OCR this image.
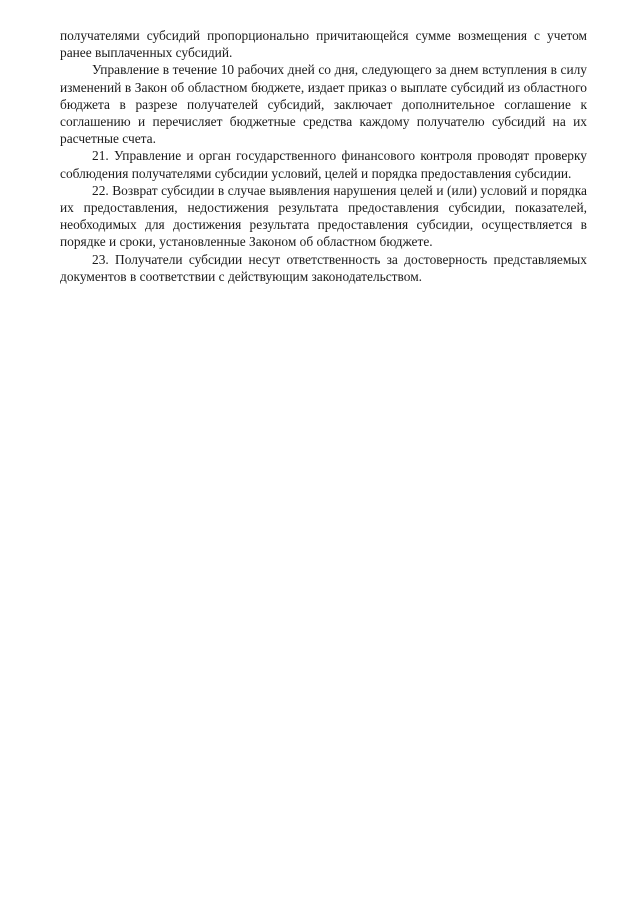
получателями субсидий пропорционально причитающейся сумме возмещения с учетом ранее выплаченных субсидий.

Управление в течение 10 рабочих дней со дня, следующего за днем вступления в силу изменений в Закон об областном бюджете, издает приказ о выплате субсидий из областного бюджета в разрезе получателей субсидий, заключает дополнительное соглашение к соглашению и перечисляет бюджетные средства каждому получателю субсидий на их расчетные счета.

21. Управление и орган государственного финансового контроля проводят проверку соблюдения получателями субсидии условий, целей и порядка предоставления субсидии.

22. Возврат субсидии в случае выявления нарушения целей и (или) условий и порядка их предоставления, недостижения результата предоставления субсидии, показателей, необходимых для достижения результата предоставления субсидии, осуществляется в порядке и сроки, установленные Законом об областном бюджете.

23. Получатели субсидии несут ответственность за достоверность представляемых документов в соответствии с действующим законодательством.
